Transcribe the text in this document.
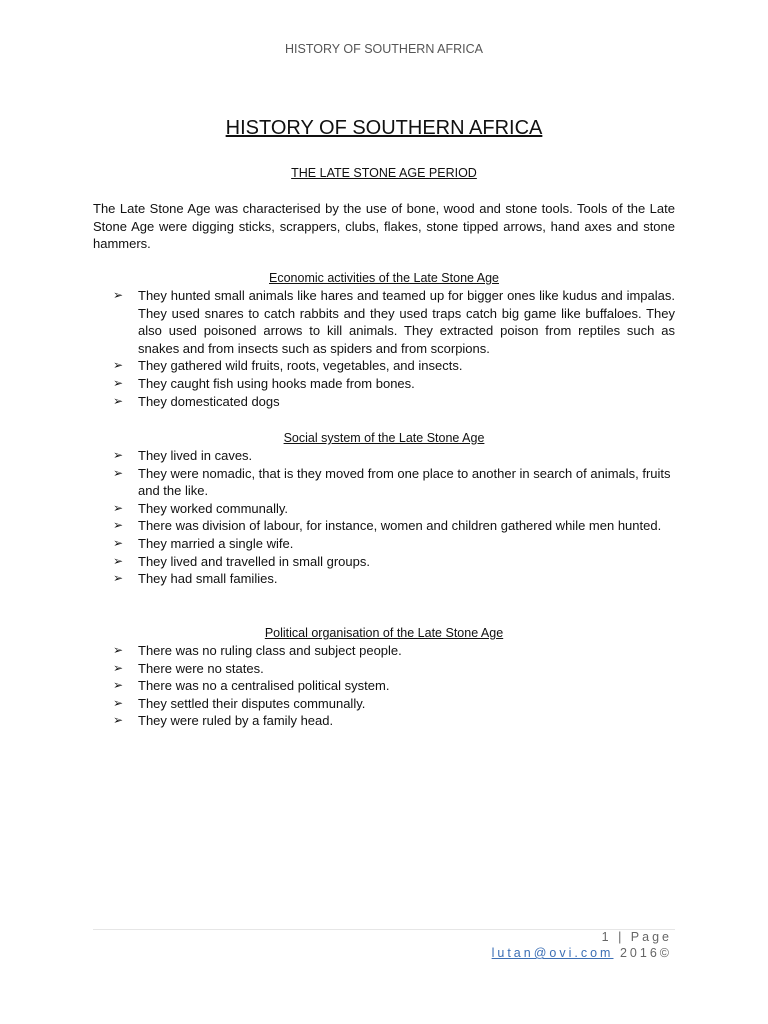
HISTORY OF SOUTHERN AFRICA
HISTORY OF SOUTHERN AFRICA
THE LATE STONE AGE PERIOD

The Late Stone Age was characterised by the use of bone, wood and stone tools. Tools of the Late Stone Age were digging sticks, scrappers, clubs, flakes, stone tipped arrows, hand axes and stone hammers.

Economic activities of the Late Stone Age
➢ They hunted small animals like hares and teamed up for bigger ones like kudus and impalas. They used snares to catch rabbits and they used traps catch big game like buffaloes. They also used poisoned arrows to kill animals. They extracted poison from reptiles such as snakes and from insects such as spiders and from scorpions.
➢ They gathered wild fruits, roots, vegetables, and insects.
➢ They caught fish using hooks made from bones.
➢ They domesticated dogs
Social system of the Late Stone Age
➢ They lived in caves.
➢ They were nomadic, that is they moved from one place to another in search of animals, fruits and the like.
➢ They worked communally.
➢ There was division of labour, for instance, women and children gathered while men hunted.
➢ They married a single wife.
➢ They lived and travelled in small groups.
➢ They had small families.
Political organisation of the Late Stone Age
➢ There was no ruling class and subject people.
➢ There were no states.
➢ There was no a centralised political system.
➢ They settled their disputes communally.
➢ They were ruled by a family head.
1 | Page
lutan@ovi.com 2016©
